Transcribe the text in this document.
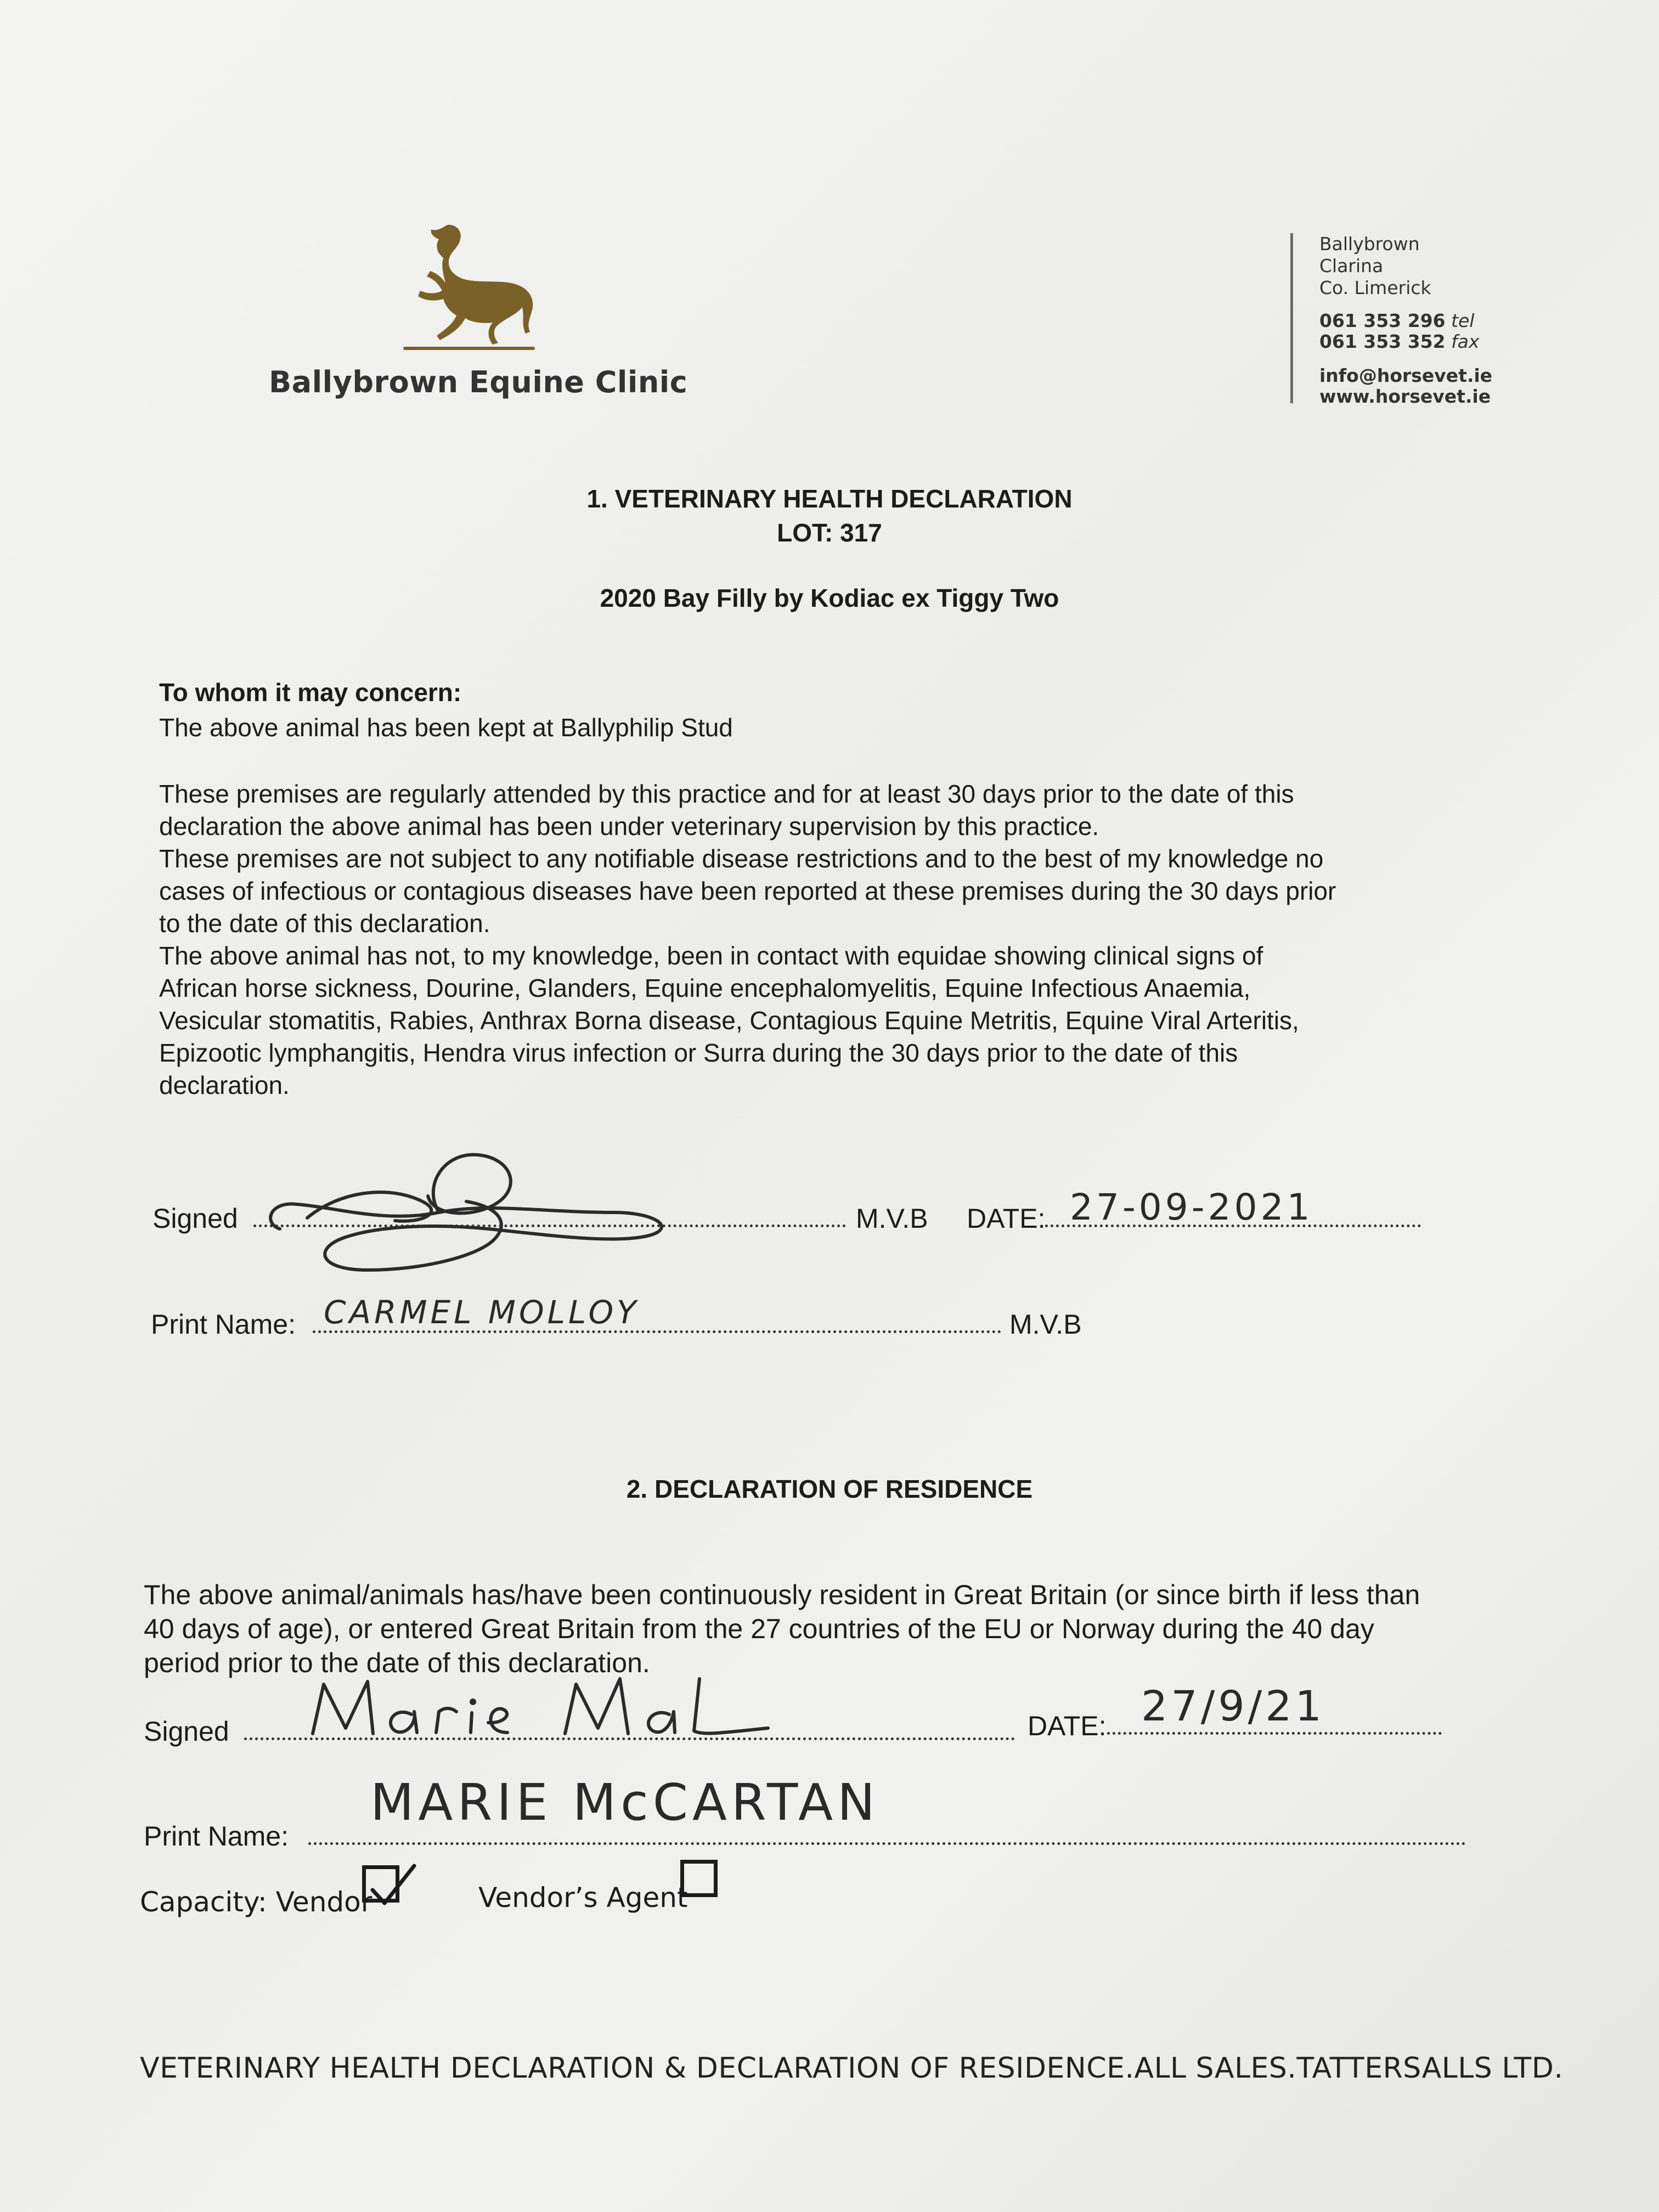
Ballybrown Equine Clinic
Ballybrown
Clarina
Co. Limerick
061 353 296 tel
061 353 352 fax
info@horsevet.ie
www.horsevet.ie
1. VETERINARY HEALTH DECLARATION
LOT: 317
2020 Bay Filly by Kodiac ex Tiggy Two
To whom it may concern:
The above animal has been kept at Ballyphilip Stud
These premises are regularly attended by this practice and for at least 30 days prior to the date of this
declaration the above animal has been under veterinary supervision by this practice.
These premises are not subject to any notifiable disease restrictions and to the best of my knowledge no
cases of infectious or contagious diseases have been reported at these premises during the 30 days prior
to the date of this declaration.
The above animal has not, to my knowledge, been in contact with equidae showing clinical signs of
African horse sickness, Dourine, Glanders, Equine encephalomyelitis, Equine Infectious Anaemia,
Vesicular stomatitis, Rabies, Anthrax Borna disease, Contagious Equine Metritis, Equine Viral Arteritis,
Epizootic lymphangitis, Hendra virus infection or Surra during the 30 days prior to the date of this
declaration.
Signed	M.V.B DATE: 27-09-2021
Print Name: CARMEL MOLLOY	M.V.B
2. DECLARATION OF RESIDENCE
The above animal/animals has/have been continuously resident in Great Britain (or since birth if less than
40 days of age), or entered Great Britain from the 27 countries of the EU or Norway during the 40 day
period prior to the date of this declaration.
Signed	DATE: 27/9/21
Print Name:
MARIE McCARTAN
Capacity: Vendor	Vendor’s Agent
VETERINARY HEALTH DECLARATION & DECLARATION OF RESIDENCE.ALL SALES.TATTERSALLS LTD.
